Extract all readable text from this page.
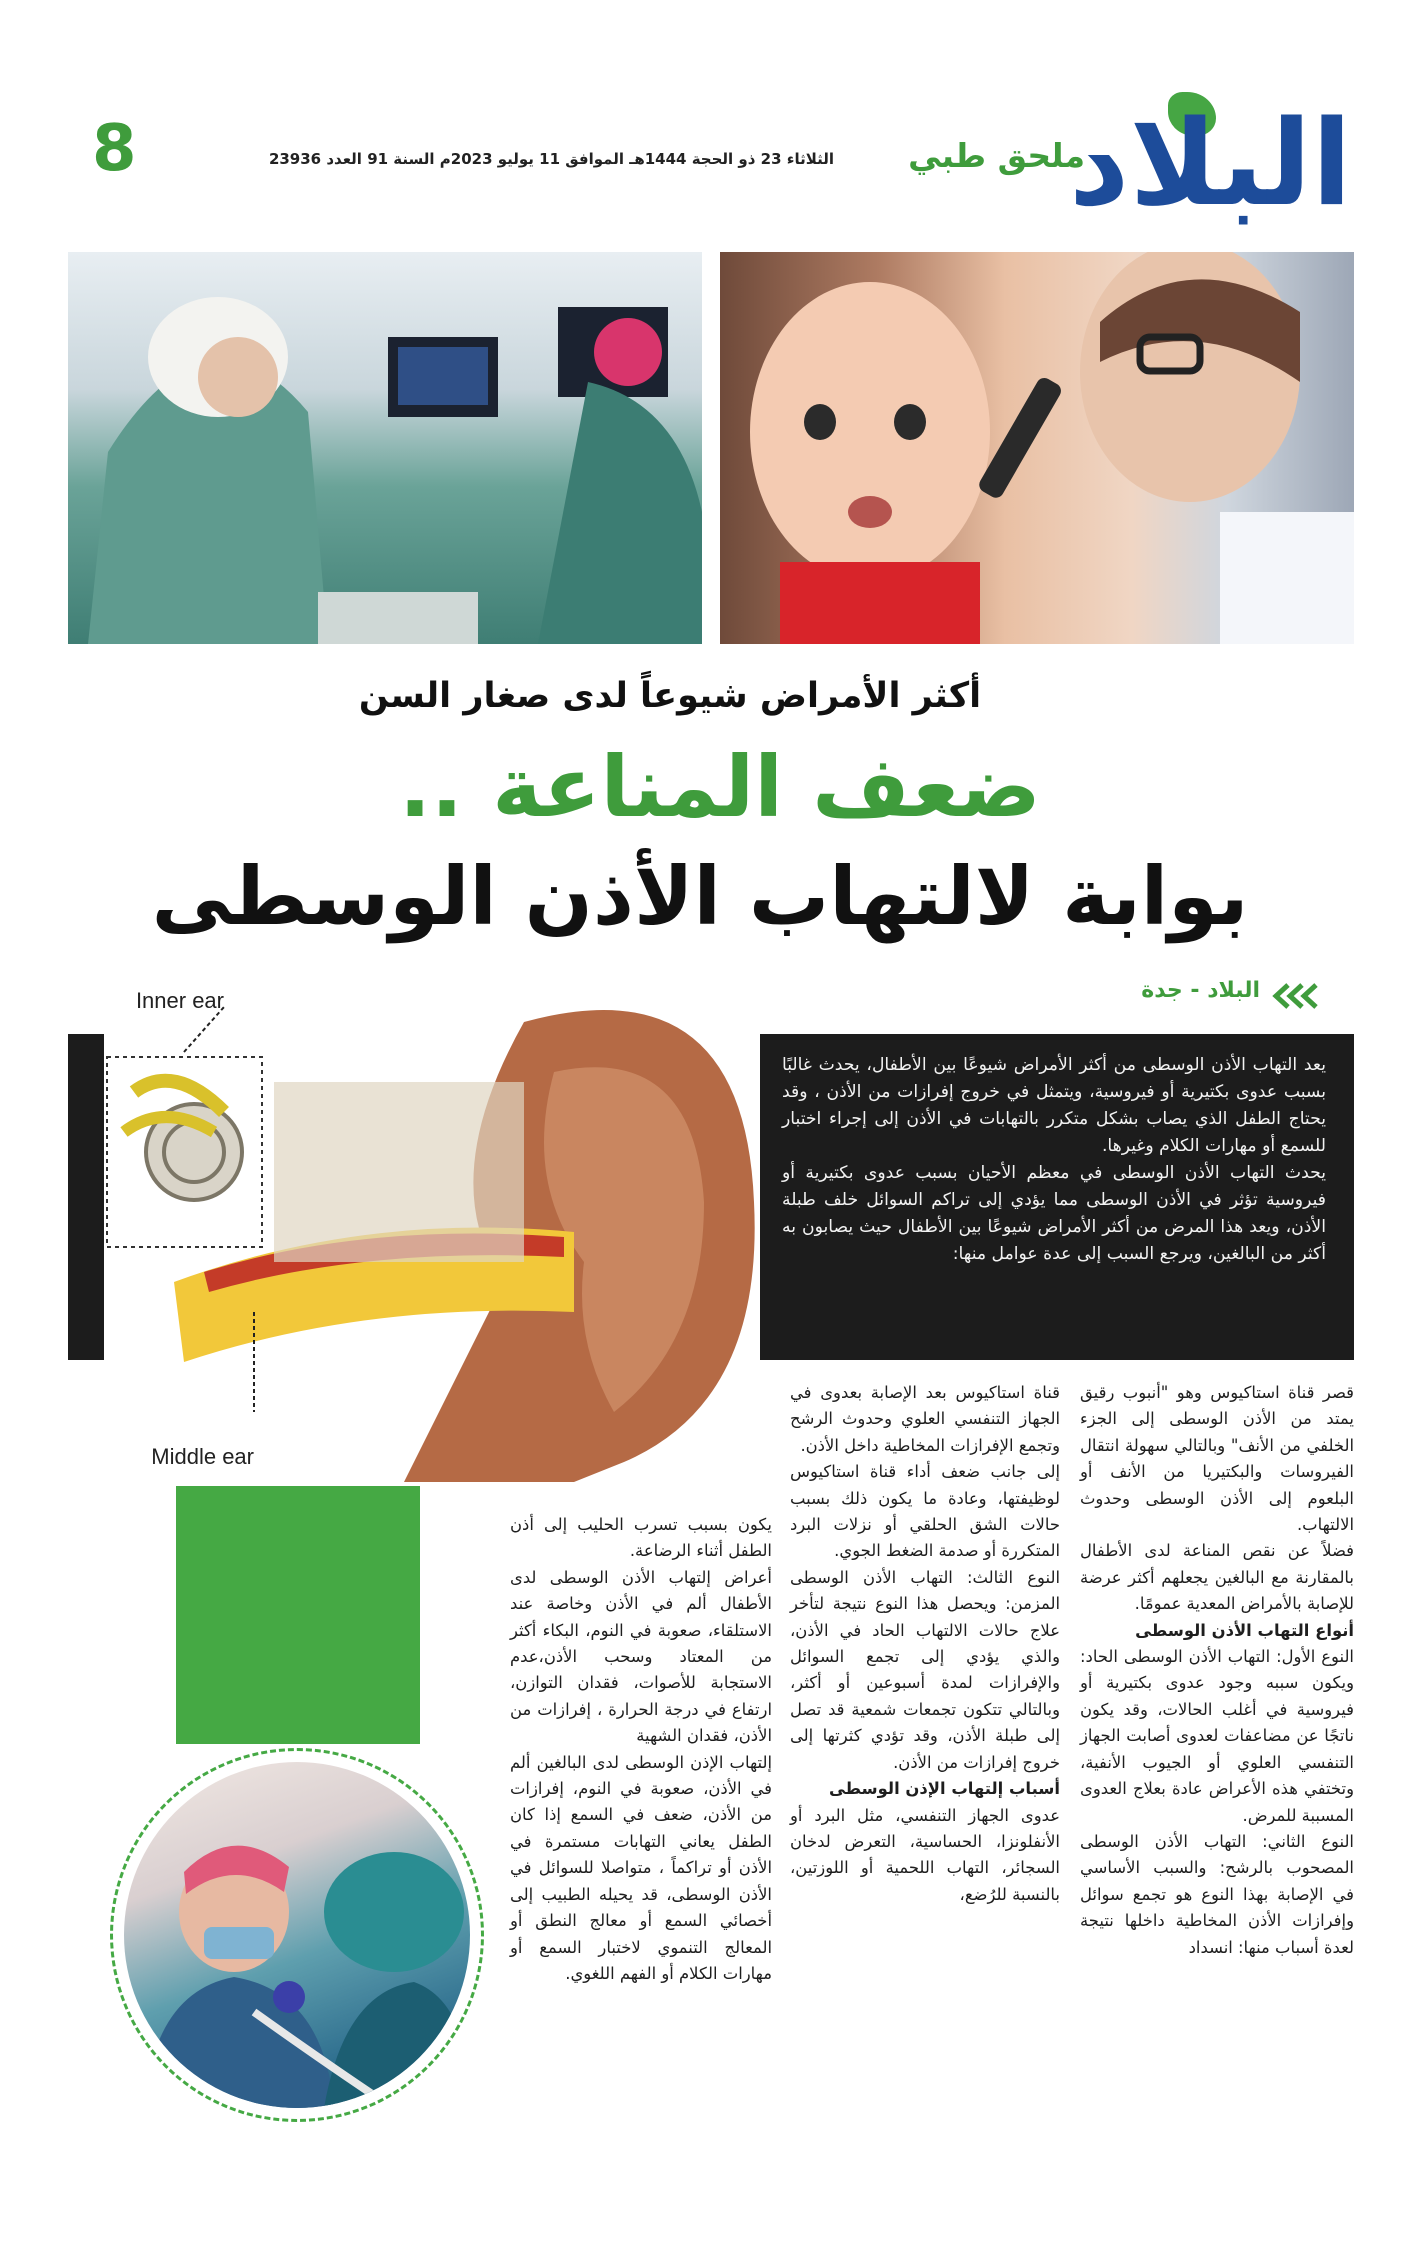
البلاد
ملحق طبي
الثلاثاء 23 ذو الحجة 1444هـ الموافق 11 يوليو 2023م السنة 91 العدد 23936
8
أكثر الأمراض شيوعاً لدى صغار السن
ضعف المناعة ..
بوابة لالتهاب الأذن الوسطى
البلاد - جدة
Inner ear
Middle ear

يعد التهاب الأذن الوسطى من أكثر الأمراض شيوعًا بين الأطفال، يحدث غالبًا بسبب عدوى بكتيرية أو فيروسية، ويتمثل في خروج إفرازات من الأذن ، وقد يحتاج الطفل الذي يصاب بشكل متكرر بالتهابات في الأذن إلى إجراء اختبار للسمع أو مهارات الكلام وغيرها.

يحدث التهاب الأذن الوسطى في معظم الأحيان بسبب عدوى بكتيرية أو فيروسية تؤثر في الأذن الوسطى مما يؤدي إلى تراكم السوائل خلف طبلة الأذن، ويعد هذا المرض من أكثر الأمراض شيوعًا بين الأطفال حيث يصابون به أكثر من البالغين، ويرجع السبب إلى عدة عوامل منها:

قصر قناة استاكيوس وهو "أنبوب رقيق يمتد من الأذن الوسطى إلى الجزء الخلفي من الأنف" وبالتالي سهولة انتقال الفيروسات والبكتيريا من الأنف أو البلعوم إلى الأذن الوسطى وحدوث الالتهاب.

فضلاً عن نقص المناعة لدى الأطفال بالمقارنة مع البالغين يجعلهم أكثر عرضة للإصابة بالأمراض المعدية عمومًا.

أنواع التهاب الأذن الوسطى

النوع الأول: التهاب الأذن الوسطى الحاد: ويكون سببه وجود عدوى بكتيرية أو فيروسية في أغلب الحالات، وقد يكون ناتجًا عن مضاعفات لعدوى أصابت الجهاز التنفسي العلوي أو الجيوب الأنفية، وتختفي هذه الأعراض عادة بعلاج العدوى المسببة للمرض.

النوع الثاني: التهاب الأذن الوسطى المصحوب بالرشح: والسبب الأساسي في الإصابة بهذا النوع هو تجمع سوائل وإفرازات الأذن المخاطية داخلها نتيجة لعدة أسباب منها: انسداد

قناة استاكيوس بعد الإصابة بعدوى في الجهاز التنفسي العلوي وحدوث الرشح وتجمع الإفرازات المخاطية داخل الأذن.

إلى جانب ضعف أداء قناة استاكيوس لوظيفتها، وعادة ما يكون ذلك بسبب حالات الشق الحلقي أو نزلات البرد المتكررة أو صدمة الضغط الجوي.

النوع الثالث: التهاب الأذن الوسطى المزمن: ويحصل هذا النوع نتيجة لتأخر علاج حالات الالتهاب الحاد في الأذن، والذي يؤدي إلى تجمع السوائل والإفرازات لمدة أسبوعين أو أكثر، وبالتالي تتكون تجمعات شمعية قد تصل إلى طبلة الأذن، وقد تؤدي كثرتها إلى خروج إفرازات من الأذن.

أسباب إلتهاب الإذن الوسطى

عدوى الجهاز التنفسي، مثل البرد أو الأنفلونزا، الحساسية، التعرض لدخان السجائر، التهاب اللحمية أو اللوزتين، بالنسبة للرُضع،

يكون بسبب تسرب الحليب إلى أذن الطفل أثناء الرضاعة.

أعراض إلتهاب الأذن الوسطى لدى الأطفال ألم في الأذن وخاصة عند الاستلقاء، صعوبة في النوم، البكاء أكثر من المعتاد وسحب الأذن،عدم الاستجابة للأصوات، فقدان التوازن، ارتفاع في درجة الحرارة ، إفرازات من الأذن، فقدان الشهية

إلتهاب الإذن الوسطى لدى البالغين ألم في الأذن، صعوبة في النوم، إفرازات من الأذن، ضعف في السمع إذا كان الطفل يعاني التهابات مستمرة في الأذن أو تراكماً ، متواصلا للسوائل في الأذن الوسطى، قد يحيله الطبيب إلى أخصائي السمع أو معالج النطق أو المعالج التنموي لاختبار السمع أو مهارات الكلام أو الفهم اللغوي.
